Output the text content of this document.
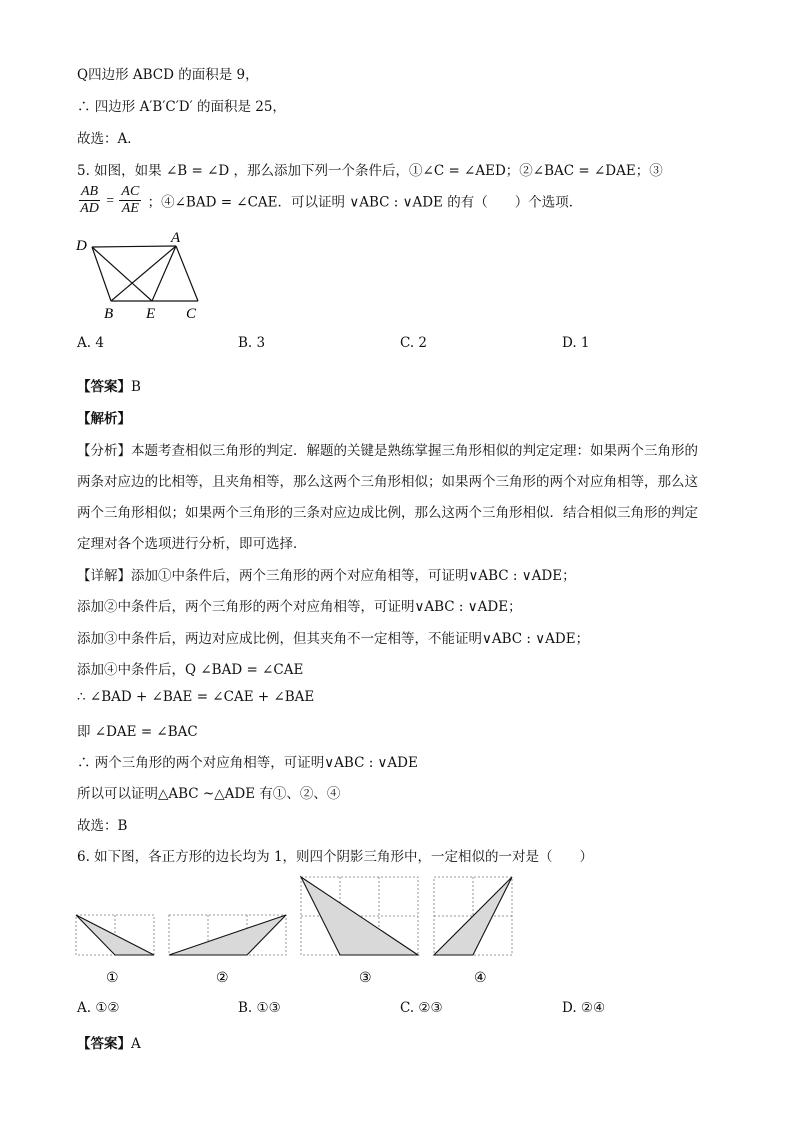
Q四边形 ABCD 的面积是 9，
∴ 四边形 A′B′C′D′ 的面积是 25，
故选：A．
5. 如图，如果 ∠B = ∠D ，那么添加下列一个条件后，①∠C = ∠AED；②∠BAC = ∠DAE；③
$\frac{AB}{AD} = \frac{AC}{AE}$ ；④∠BAD = ∠CAE．可以证明 ∨ABC : ∨ADE 的有（　　）个选项．
D	A
B E C
A. 4	B. 3	C. 2	D. 1
【答案】B
【解析】
【分析】本题考查相似三角形的判定．解题的关键是熟练掌握三角形相似的判定定理：如果两个三角形的
两条对应边的比相等，且夹角相等，那么这两个三角形相似；如果两个三角形的两个对应角相等，那么这
两个三角形相似；如果两个三角形的三条对应边成比例，那么这两个三角形相似．结合相似三角形的判定
定理对各个选项进行分析，即可选择．
【详解】添加①中条件后，两个三角形的两个对应角相等，可证明∨ABC : ∨ADE；
添加②中条件后，两个三角形的两个对应角相等，可证明∨ABC : ∨ADE；
添加③中条件后，两边对应成比例，但其夹角不一定相等，不能证明∨ABC : ∨ADE；
添加④中条件后，Q ∠BAD = ∠CAE
∴ ∠BAD + ∠BAE = ∠CAE + ∠BAE
即 ∠DAE = ∠BAC
∴ 两个三角形的两个对应角相等，可证明∨ABC : ∨ADE
所以可以证明△ABC ~△ADE 有①、②、④
故选：B
6. 如下图，各正方形的边长均为 1，则四个阴影三角形中，一定相似的一对是（　　）
①	②	③	④
A. ①②	B. ①③	C. ②③	D. ②④
【答案】A
